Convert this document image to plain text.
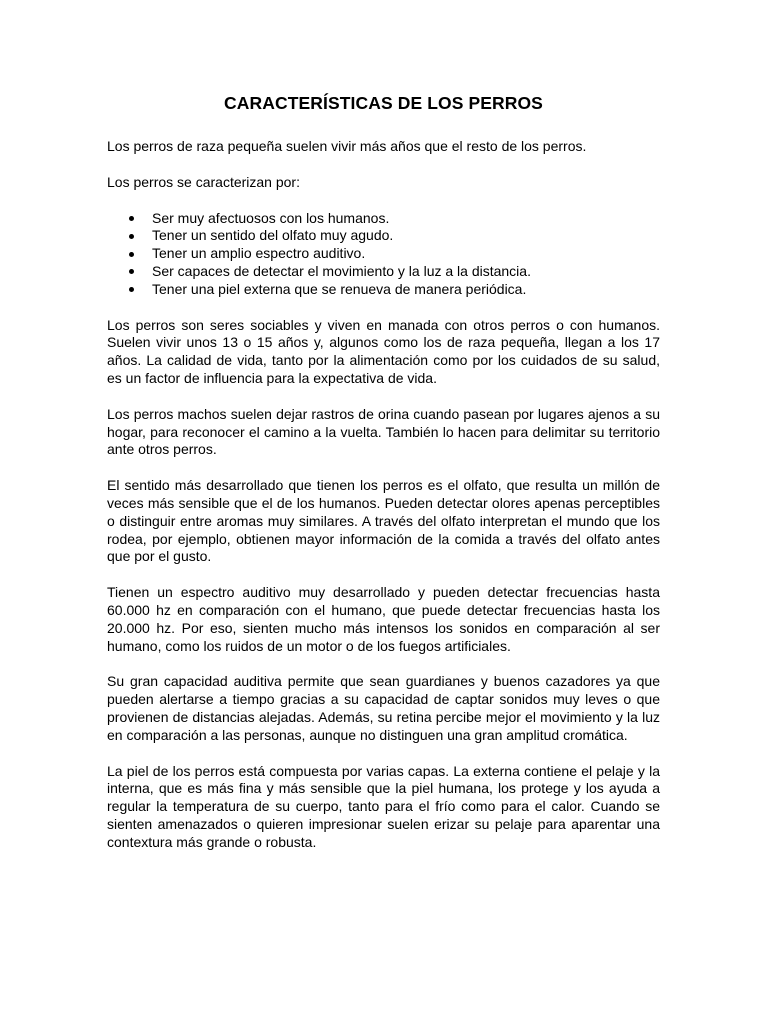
CARACTERÍSTICAS DE LOS PERROS

Los perros de raza pequeña suelen vivir más años que el resto de los perros.

Los perros se caracterizan por:

Ser muy afectuosos con los humanos.
Tener un sentido del olfato muy agudo.
Tener un amplio espectro auditivo.
Ser capaces de detectar el movimiento y la luz a la distancia.
Tener una piel externa que se renueva de manera periódica.

Los perros son seres sociables y viven en manada con otros perros o con humanos. Suelen vivir unos 13 o 15 años y, algunos como los de raza pequeña, llegan a los 17 años. La calidad de vida, tanto por la alimentación como por los cuidados de su salud, es un factor de influencia para la expectativa de vida.

Los perros machos suelen dejar rastros de orina cuando pasean por lugares ajenos a su hogar, para reconocer el camino a la vuelta. También lo hacen para delimitar su territorio ante otros perros.

El sentido más desarrollado que tienen los perros es el olfato, que resulta un millón de veces más sensible que el de los humanos. Pueden detectar olores apenas perceptibles o distinguir entre aromas muy similares. A través del olfato interpretan el mundo que los rodea, por ejemplo, obtienen mayor información de la comida a través del olfato antes que por el gusto.

Tienen un espectro auditivo muy desarrollado y pueden detectar frecuencias hasta 60.000 hz en comparación con el humano, que puede detectar frecuencias hasta los 20.000 hz. Por eso, sienten mucho más intensos los sonidos en comparación al ser humano, como los ruidos de un motor o de los fuegos artificiales.

Su gran capacidad auditiva permite que sean guardianes y buenos cazadores ya que pueden alertarse a tiempo gracias a su capacidad de captar sonidos muy leves o que provienen de distancias alejadas. Además, su retina percibe mejor el movimiento y la luz en comparación a las personas, aunque no distinguen una gran amplitud cromática.

La piel de los perros está compuesta por varias capas. La externa contiene el pelaje y la interna, que es más fina y más sensible que la piel humana, los protege y los ayuda a regular la temperatura de su cuerpo, tanto para el frío como para el calor. Cuando se sienten amenazados o quieren impresionar suelen erizar su pelaje para aparentar una contextura más grande o robusta.
